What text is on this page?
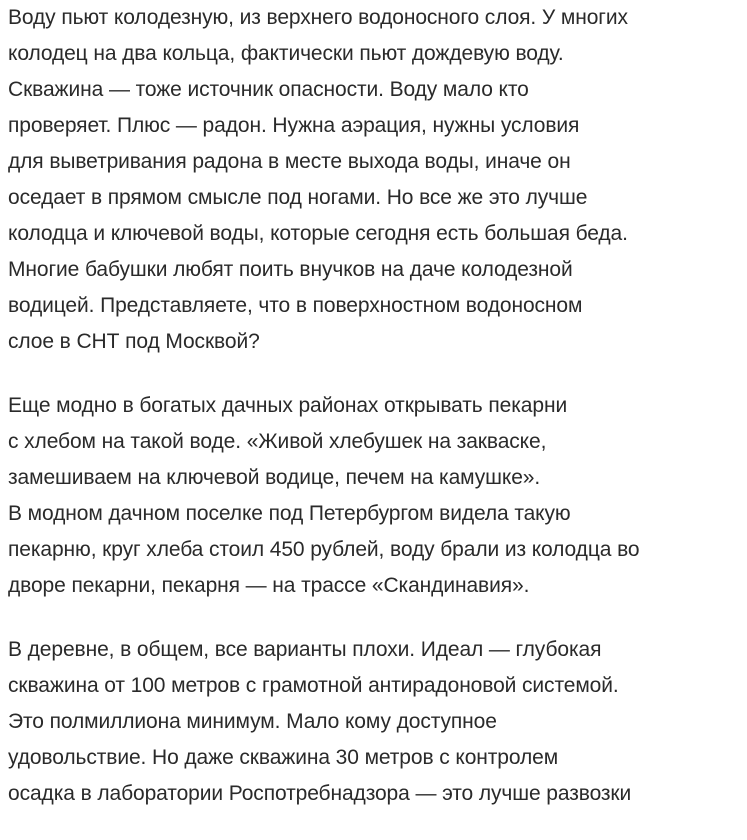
Воду пьют колодезную, из верхнего водоносного слоя. У многих
колодец на два кольца, фактически пьют дождевую воду.
Скважина — тоже источник опасности. Воду мало кто
проверяет. Плюс — радон. Нужна аэрация, нужны условия
для выветривания радона в месте выхода воды, иначе он
оседает в прямом смысле под ногами. Но все же это лучше
колодца и ключевой воды, которые сегодня есть большая беда.
Многие бабушки любят поить внучков на даче колодезной
водицей. Представляете, что в поверхностном водоносном
слое в СНТ под Москвой?

Еще модно в богатых дачных районах открывать пекарни
с хлебом на такой воде. «Живой хлебушек на закваске,
замешиваем на ключевой водице, печем на камушке».
В модном дачном поселке под Петербургом видела такую
пекарню, круг хлеба стоил 450 рублей, воду брали из колодца во
дворе пекарни, пекарня — на трассе «Скандинавия».

В деревне, в общем, все варианты плохи. Идеал — глубокая
скважина от 100 метров с грамотной антирадоновой системой.
Это полмиллиона минимум. Мало кому доступное
удовольствие. Но даже скважина 30 метров с контролем
осадка в лаборатории Роспотребнадзора — это лучше развозки
